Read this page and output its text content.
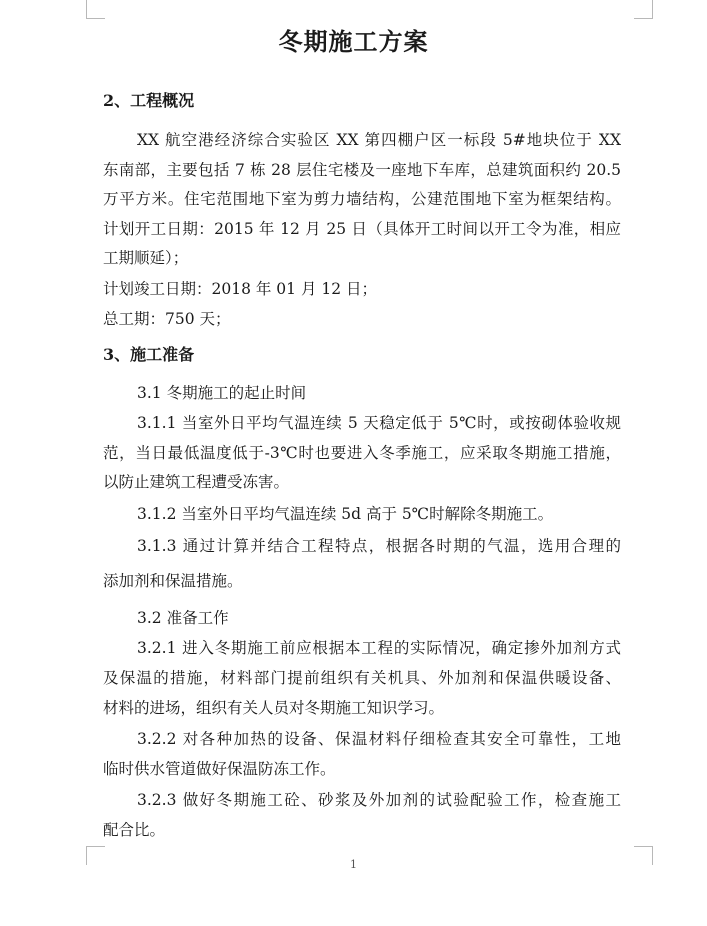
冬期施工方案
2、工程概况
XX 航空港经济综合实验区 XX 第四棚户区一标段 5#地块位于 XX
东南部，主要包括 7 栋 28 层住宅楼及一座地下车库，总建筑面积约 20.5
万平方米。住宅范围地下室为剪力墙结构，公建范围地下室为框架结构。
计划开工日期：2015 年 12 月 25 日（具体开工时间以开工令为准，相应
工期顺延）；
计划竣工日期：2018 年 01 月 12 日；
总工期：750 天；
3、施工准备
3.1 冬期施工的起止时间
3.1.1 当室外日平均气温连续 5 天稳定低于 5℃时，或按砌体验收规
范，当日最低温度低于-3℃时也要进入冬季施工，应采取冬期施工措施，
以防止建筑工程遭受冻害。
3.1.2 当室外日平均气温连续 5d 高于 5℃时解除冬期施工。
3.1.3 通过计算并结合工程特点，根据各时期的气温，选用合理的
添加剂和保温措施。
3.2 准备工作
3.2.1 进入冬期施工前应根据本工程的实际情况，确定掺外加剂方式
及保温的措施，材料部门提前组织有关机具、外加剂和保温供暖设备、
材料的进场，组织有关人员对冬期施工知识学习。
3.2.2 对各种加热的设备、保温材料仔细检查其安全可靠性，工地
临时供水管道做好保温防冻工作。
3.2.3 做好冬期施工砼、砂浆及外加剂的试验配验工作，检查施工
配合比。
1
